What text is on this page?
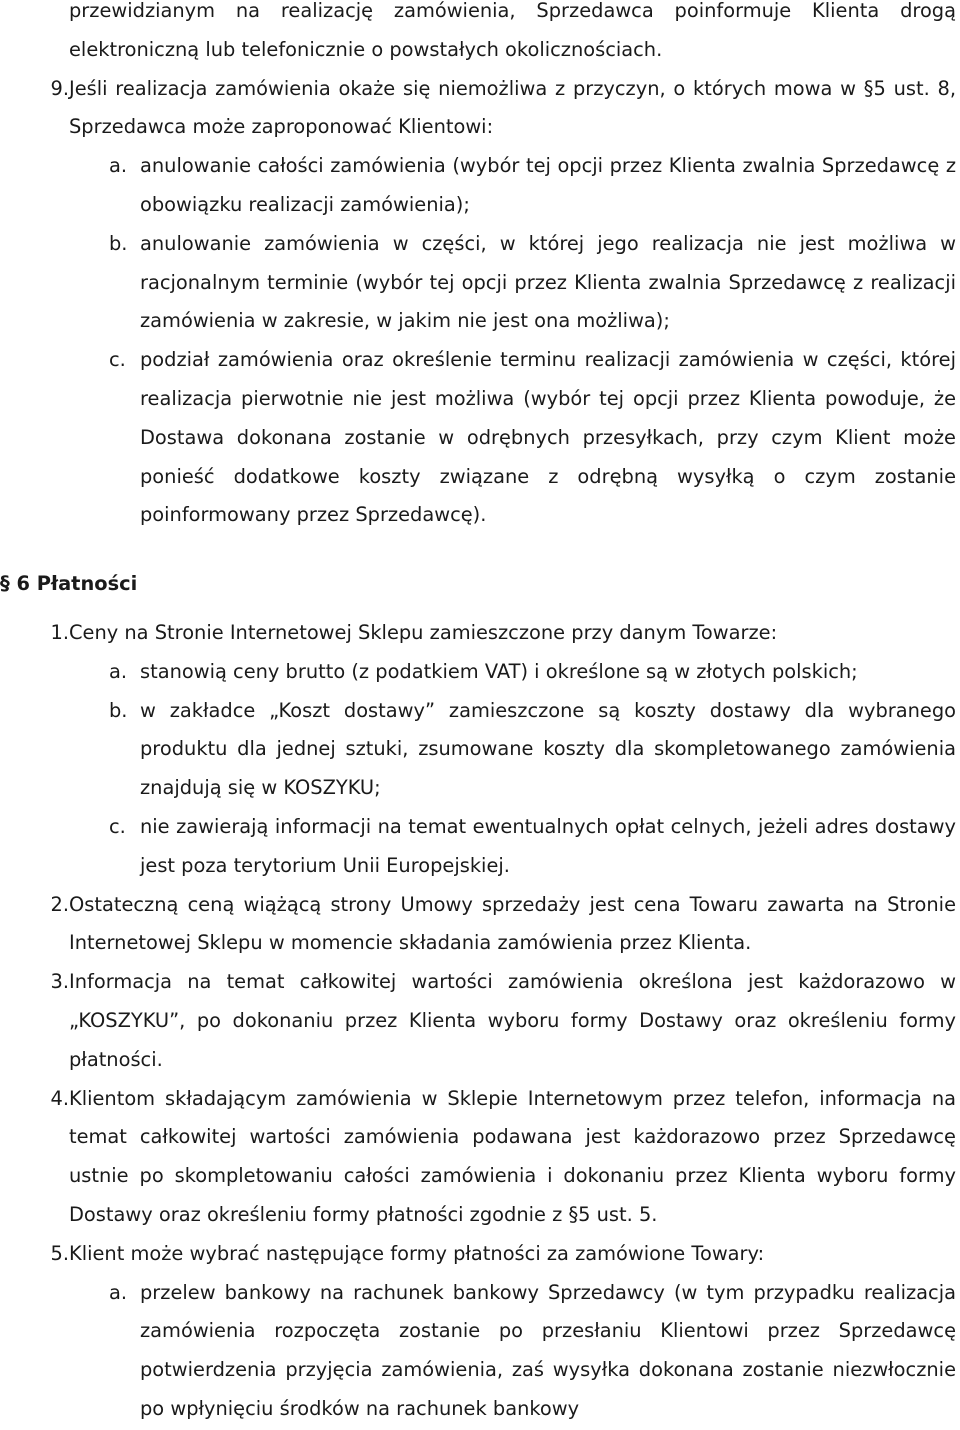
przewidzianym na realizację zamówienia, Sprzedawca poinformuje Klienta drogą elektroniczną lub telefonicznie o powstałych okolicznościach.
9. Jeśli realizacja zamówienia okaże się niemożliwa z przyczyn, o których mowa w §5 ust. 8, Sprzedawca może zaproponować Klientowi:
a. anulowanie całości zamówienia (wybór tej opcji przez Klienta zwalnia Sprzedawcę z obowiązku realizacji zamówienia);
b. anulowanie zamówienia w części, w której jego realizacja nie jest możliwa w racjonalnym terminie (wybór tej opcji przez Klienta zwalnia Sprzedawcę z realizacji zamówienia w zakresie, w jakim nie jest ona możliwa);
c. podział zamówienia oraz określenie terminu realizacji zamówienia w części, której realizacja pierwotnie nie jest możliwa (wybór tej opcji przez Klienta powoduje, że Dostawa dokonana zostanie w odrębnych przesyłkach, przy czym Klient może ponieść dodatkowe koszty związane z odrębną wysyłką o czym zostanie poinformowany przez Sprzedawcę).
§ 6 Płatności
1. Ceny na Stronie Internetowej Sklepu zamieszczone przy danym Towarze:
a. stanowią ceny brutto (z podatkiem VAT) i określone są w złotych polskich;
b. w zakładce „Koszt dostawy” zamieszczone są koszty dostawy dla wybranego produktu dla jednej sztuki, zsumowane koszty dla skompletowanego zamówienia znajdują się w KOSZYKU;
c. nie zawierają informacji na temat ewentualnych opłat celnych, jeżeli adres dostawy jest poza terytorium Unii Europejskiej.
2. Ostateczną ceną wiążącą strony Umowy sprzedaży jest cena Towaru zawarta na Stronie Internetowej Sklepu w momencie składania zamówienia przez Klienta.
3. Informacja na temat całkowitej wartości zamówienia określona jest każdorazowo w „KOSZYKU”, po dokonaniu przez Klienta wyboru formy Dostawy oraz określeniu formy płatności.
4. Klientom składającym zamówienia w Sklepie Internetowym przez telefon, informacja na temat całkowitej wartości zamówienia podawana jest każdorazowo przez Sprzedawcę ustnie po skompletowaniu całości zamówienia i dokonaniu przez Klienta wyboru formy Dostawy oraz określeniu formy płatności zgodnie z §5 ust. 5.
5. Klient może wybrać następujące formy płatności za zamówione Towary:
a. przelew bankowy na rachunek bankowy Sprzedawcy (w tym przypadku realizacja zamówienia rozpoczęta zostanie po przesłaniu Klientowi przez Sprzedawcę potwierdzenia przyjęcia zamówienia, zaś wysyłka dokonana zostanie niezwłocznie po wpłynięciu środków na rachunek bankowy
